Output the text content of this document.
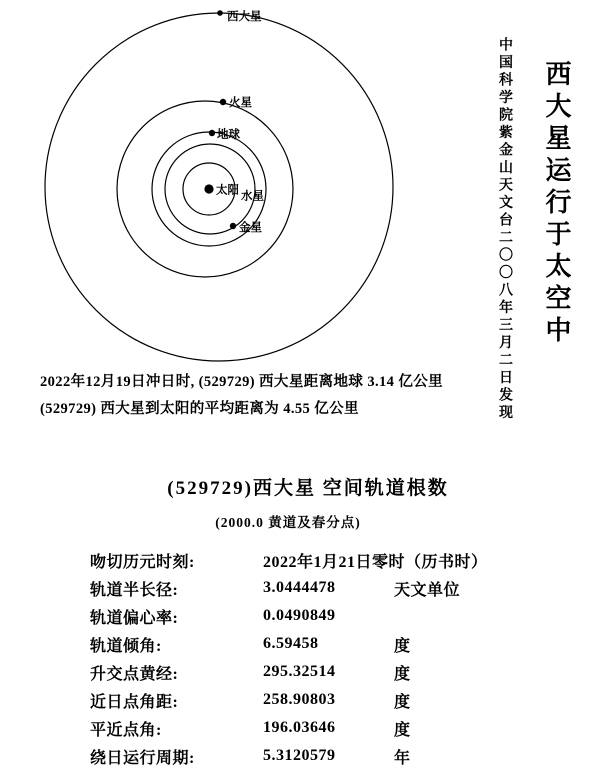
西大星
火星
地球
太阳 水星
金星	中国科学院紫金山天文台二〇〇八年三月二日发现 西大星运行于太空中
2022年12月19日冲日时, (529729) 西大星距离地球 3.14 亿公里
(529729) 西大星到太阳的平均距离为 4.55 亿公里
(529729)西大星 空间轨道根数
(2000.0 黄道及春分点)
吻切历元时刻:	2022年1月21日零时（历书时）
轨道半长径:	3.0444478	天文单位
轨道偏心率:	0.0490849
轨道倾角:	6.59458	度
升交点黄经:	295.32514	度
近日点角距:	258.90803	度
平近点角:	196.03646	度
绕日运行周期:	5.3120579	年
